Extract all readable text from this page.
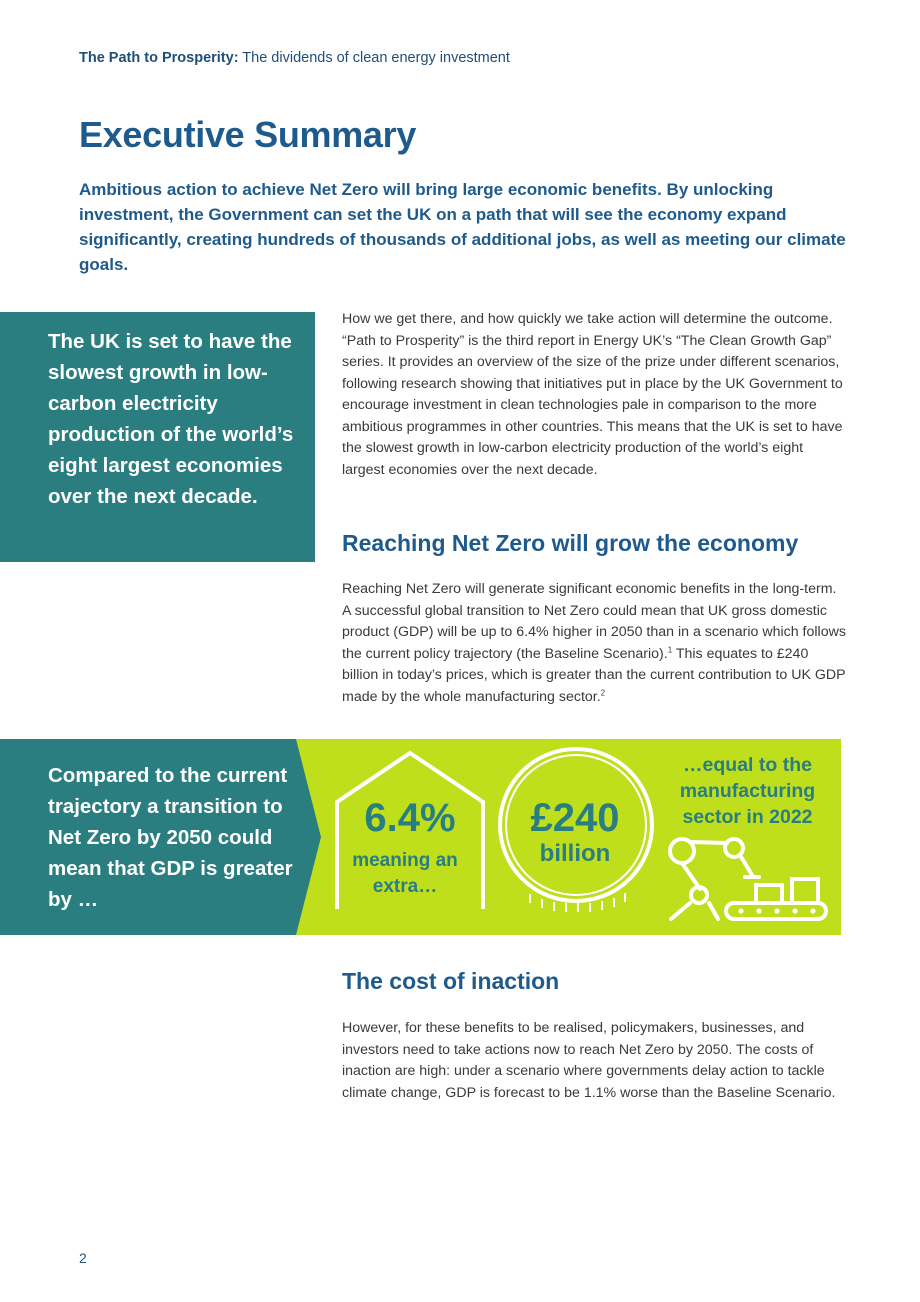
The Path to Prosperity: The dividends of clean energy investment
Executive Summary

Ambitious action to achieve Net Zero will bring large economic benefits. By unlocking investment, the Government can set the UK on a path that will see the economy expand significantly, creating hundreds of thousands of additional jobs, as well as meeting our climate goals.

The UK is set to have the slowest growth in low-carbon electricity production of the world’s eight largest economies over the next decade.

How we get there, and how quickly we take action will determine the outcome. “Path to Prosperity” is the third report in Energy UK’s “The Clean Growth Gap” series. It provides an overview of the size of the prize under different scenarios, following research showing that initiatives put in place by the UK Government to encourage investment in clean technologies pale in comparison to the more ambitious programmes in other countries. This means that the UK is set to have the slowest growth in low-carbon electricity production of the world’s eight largest economies over the next decade.

Reaching Net Zero will grow the economy

Reaching Net Zero will generate significant economic benefits in the long-term. A successful global transition to Net Zero could mean that UK gross domestic product (GDP) will be up to 6.4% higher in 2050 than in a scenario which follows the current policy trajectory (the Baseline Scenario).$^1$ This equates to £240 billion in today’s prices, which is greater than the current contribution to UK GDP made by the whole manufacturing sector.$^2$

Compared to the current trajectory a transition to Net Zero by 2050 could mean that GDP is greater by …

6.4%

meaning an extra…

£240

billion

…equal to the manufacturing sector in 2022

The cost of inaction

However, for these benefits to be realised, policymakers, businesses, and investors need to take actions now to reach Net Zero by 2050. The costs of inaction are high: under a scenario where governments delay action to tackle climate change, GDP is forecast to be 1.1% worse than the Baseline Scenario.

2
